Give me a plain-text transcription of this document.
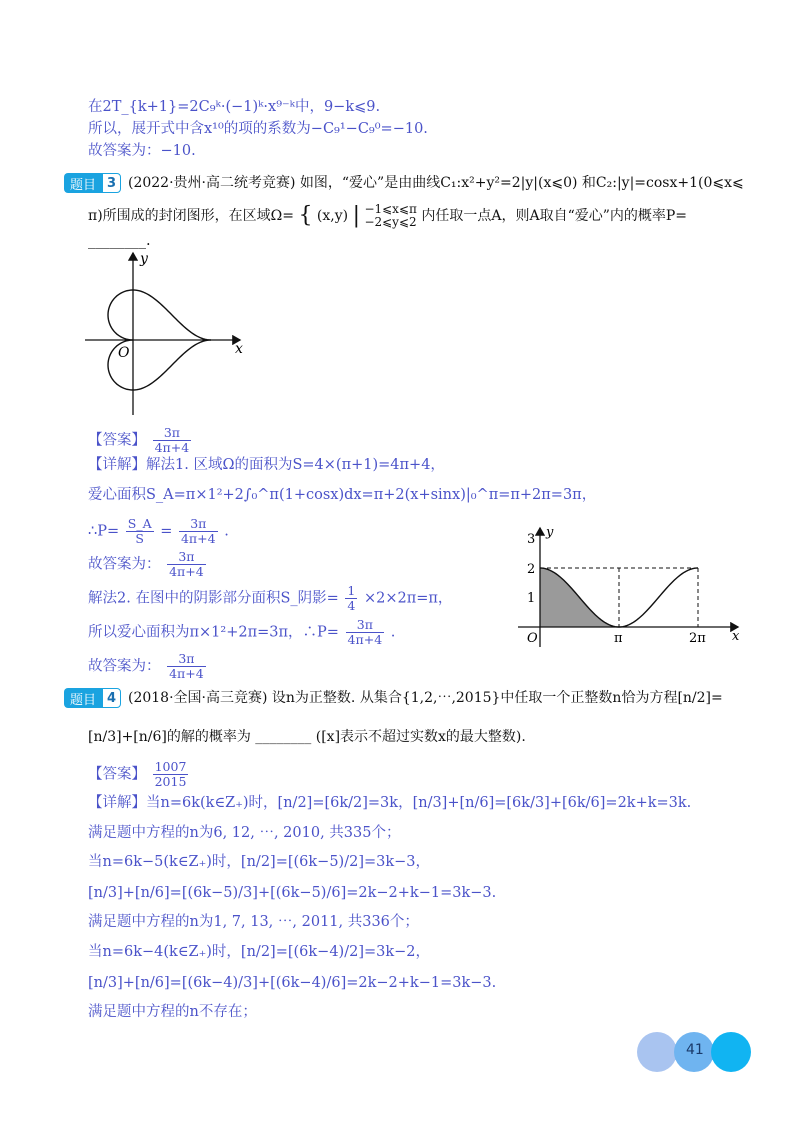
在2T_{k+1}=2C₉ᵏ·(−1)ᵏ·x⁹⁻ᵏ中，9−k⩽9.
所以，展开式中含x¹⁰的项的系数为−C₉¹−C₉⁰=−10.
故答案为：−10.
题目 3 (2022·贵州·高二统考竞赛) 如图，“爱心”是由曲线C₁:x²+y²=2|y|(x⩽0) 和C₂:|y|=cosx+1(0⩽x⩽
π)所围成的封闭图形，在区域Ω= { (x,y) | −1⩽x⩽π
−2⩽y⩽2 内任取一点A，则A取自“爱心”内的概率P=
________.
y
x
O
【答案】 $\frac{3\pi}{4\pi+4}$
【详解】解法1. 区域Ω的面积为S=4×(π+1)=4π+4，
爱心面积S_A=π×1²+2∫₀^π(1+cosx)dx=π+2(x+sinx)|₀^π=π+2π=3π，
∴P= $\frac{S\_A}{S} = \frac{3\pi}{4\pi+4}$ .
故答案为： $\frac{3\pi}{4\pi+4}$
解法2. 在图中的阴影部分面积S_阴影= $\frac{1}{4} \times 2\times 2\pi=\pi$，
所以爱心面积为π×1²+2π=3π，∴P= $\frac{3\pi}{4\pi+4}$ .
故答案为： $\frac{3\pi}{4\pi+4}$
3
2
1
y
x
O	π	2π
题目 4 (2018·全国·高三竞赛) 设n为正整数. 从集合{1,2,⋯,2015}中任取一个正整数n恰为方程[n/2]=
[n/3]+[n/6]的解的概率为 ________ ([x]表示不超过实数x的最大整数).
【答案】 $\frac{1007}{2015}$
【详解】当n=6k(k∈Z₊)时，[n/2]=[6k/2]=3k，[n/3]+[n/6]=[6k/3]+[6k/6]=2k+k=3k.
满足题中方程的n为6, 12, ⋯, 2010, 共335个；
当n=6k−5(k∈Z₊)时，[n/2]=[(6k−5)/2]=3k−3，
[n/3]+[n/6]=[(6k−5)/3]+[(6k−5)/6]=2k−2+k−1=3k−3.
满足题中方程的n为1, 7, 13, ⋯, 2011, 共336个；
当n=6k−4(k∈Z₊)时，[n/2]=[(6k−4)/2]=3k−2，
[n/3]+[n/6]=[(6k−4)/3]+[(6k−4)/6]=2k−2+k−1=3k−3.
满足题中方程的n不存在；
41
